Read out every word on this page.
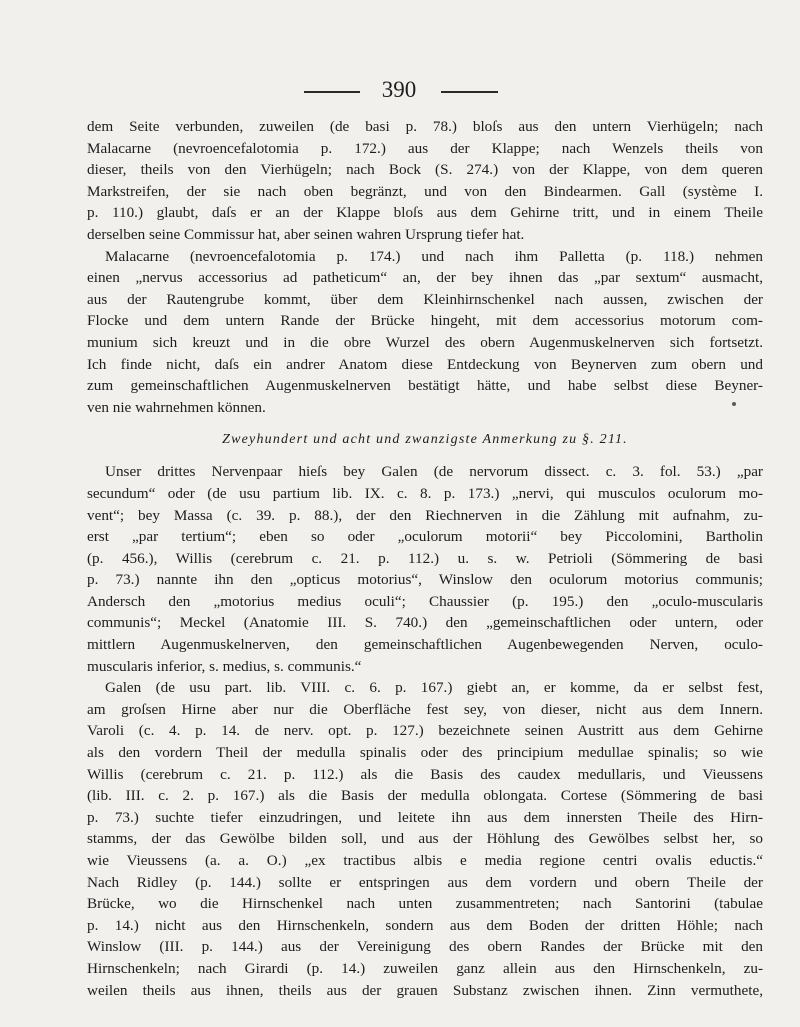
390
dem Seite verbunden, zuweilen (de basi p. 78.) bloſs aus den untern Vierhügeln; nach
Malacarne (nevroencefalotomia p. 172.) aus der Klappe; nach Wenzels theils von
dieser, theils von den Vierhügeln; nach Bock (S. 274.) von der Klappe, von dem queren
Markstreifen, der sie nach oben begränzt, und von den Bindearmen. Gall (système I.
p. 110.) glaubt, daſs er an der Klappe bloſs aus dem Gehirne tritt, und in einem Theile
derselben seine Commissur hat, aber seinen wahren Ursprung tiefer hat.
Malacarne (nevroencefalotomia p. 174.) und nach ihm Palletta (p. 118.) nehmen
einen „nervus accessorius ad patheticum“ an, der bey ihnen das „par sextum“ ausmacht,
aus der Rautengrube kommt, über dem Kleinhirnschenkel nach aussen, zwischen der
Flocke und dem untern Rande der Brücke hingeht, mit dem accessorius motorum com-
munium sich kreuzt und in die obre Wurzel des obern Augenmuskelnerven sich fortsetzt.
Ich finde nicht, daſs ein andrer Anatom diese Entdeckung von Beynerven zum obern und
zum gemeinschaftlichen Augenmuskelnerven bestätigt hätte, und habe selbst diese Beyner-
ven nie wahrnehmen können.
Zweyhundert und acht und zwanzigste Anmerkung zu §. 211.
Unser drittes Nervenpaar hieſs bey Galen (de nervorum dissect. c. 3. fol. 53.) „par
secundum“ oder (de usu partium lib. IX. c. 8. p. 173.) „nervi, qui musculos oculorum mo-
vent“; bey Massa (c. 39. p. 88.), der den Riechnerven in die Zählung mit aufnahm, zu-
erst „par tertium“; eben so oder „oculorum motorii“ bey Piccolomini, Bartholin
(p. 456.), Willis (cerebrum c. 21. p. 112.) u. s. w. Petrioli (Sömmering de basi
p. 73.) nannte ihn den „opticus motorius“, Winslow den oculorum motorius communis;
Andersch den „motorius medius oculi“; Chaussier (p. 195.) den „oculo-muscularis
communis“; Meckel (Anatomie III. S. 740.) den „gemeinschaftlichen oder untern, oder
mittlern Augenmuskelnerven, den gemeinschaftlichen Augenbewegenden Nerven, oculo-
muscularis inferior, s. medius, s. communis.“
Galen (de usu part. lib. VIII. c. 6. p. 167.) giebt an, er komme, da er selbst fest,
am groſsen Hirne aber nur die Oberfläche fest sey, von dieser, nicht aus dem Innern.
Varoli (c. 4. p. 14. de nerv. opt. p. 127.) bezeichnete seinen Austritt aus dem Gehirne
als den vordern Theil der medulla spinalis oder des principium medullae spinalis; so wie
Willis (cerebrum c. 21. p. 112.) als die Basis des caudex medullaris, und Vieussens
(lib. III. c. 2. p. 167.) als die Basis der medulla oblongata. Cortese (Sömmering de basi
p. 73.) suchte tiefer einzudringen, und leitete ihn aus dem innersten Theile des Hirn-
stamms, der das Gewölbe bilden soll, und aus der Höhlung des Gewölbes selbst her, so
wie Vieussens (a. a. O.) „ex tractibus albis e media regione centri ovalis eductis.“
Nach Ridley (p. 144.) sollte er entspringen aus dem vordern und obern Theile der
Brücke, wo die Hirnschenkel nach unten zusammentreten; nach Santorini (tabulae
p. 14.) nicht aus den Hirnschenkeln, sondern aus dem Boden der dritten Höhle; nach
Winslow (III. p. 144.) aus der Vereinigung des obern Randes der Brücke mit den
Hirnschenkeln; nach Girardi (p. 14.) zuweilen ganz allein aus den Hirnschenkeln, zu-
weilen theils aus ihnen, theils aus der grauen Substanz zwischen ihnen. Zinn vermuthete,
